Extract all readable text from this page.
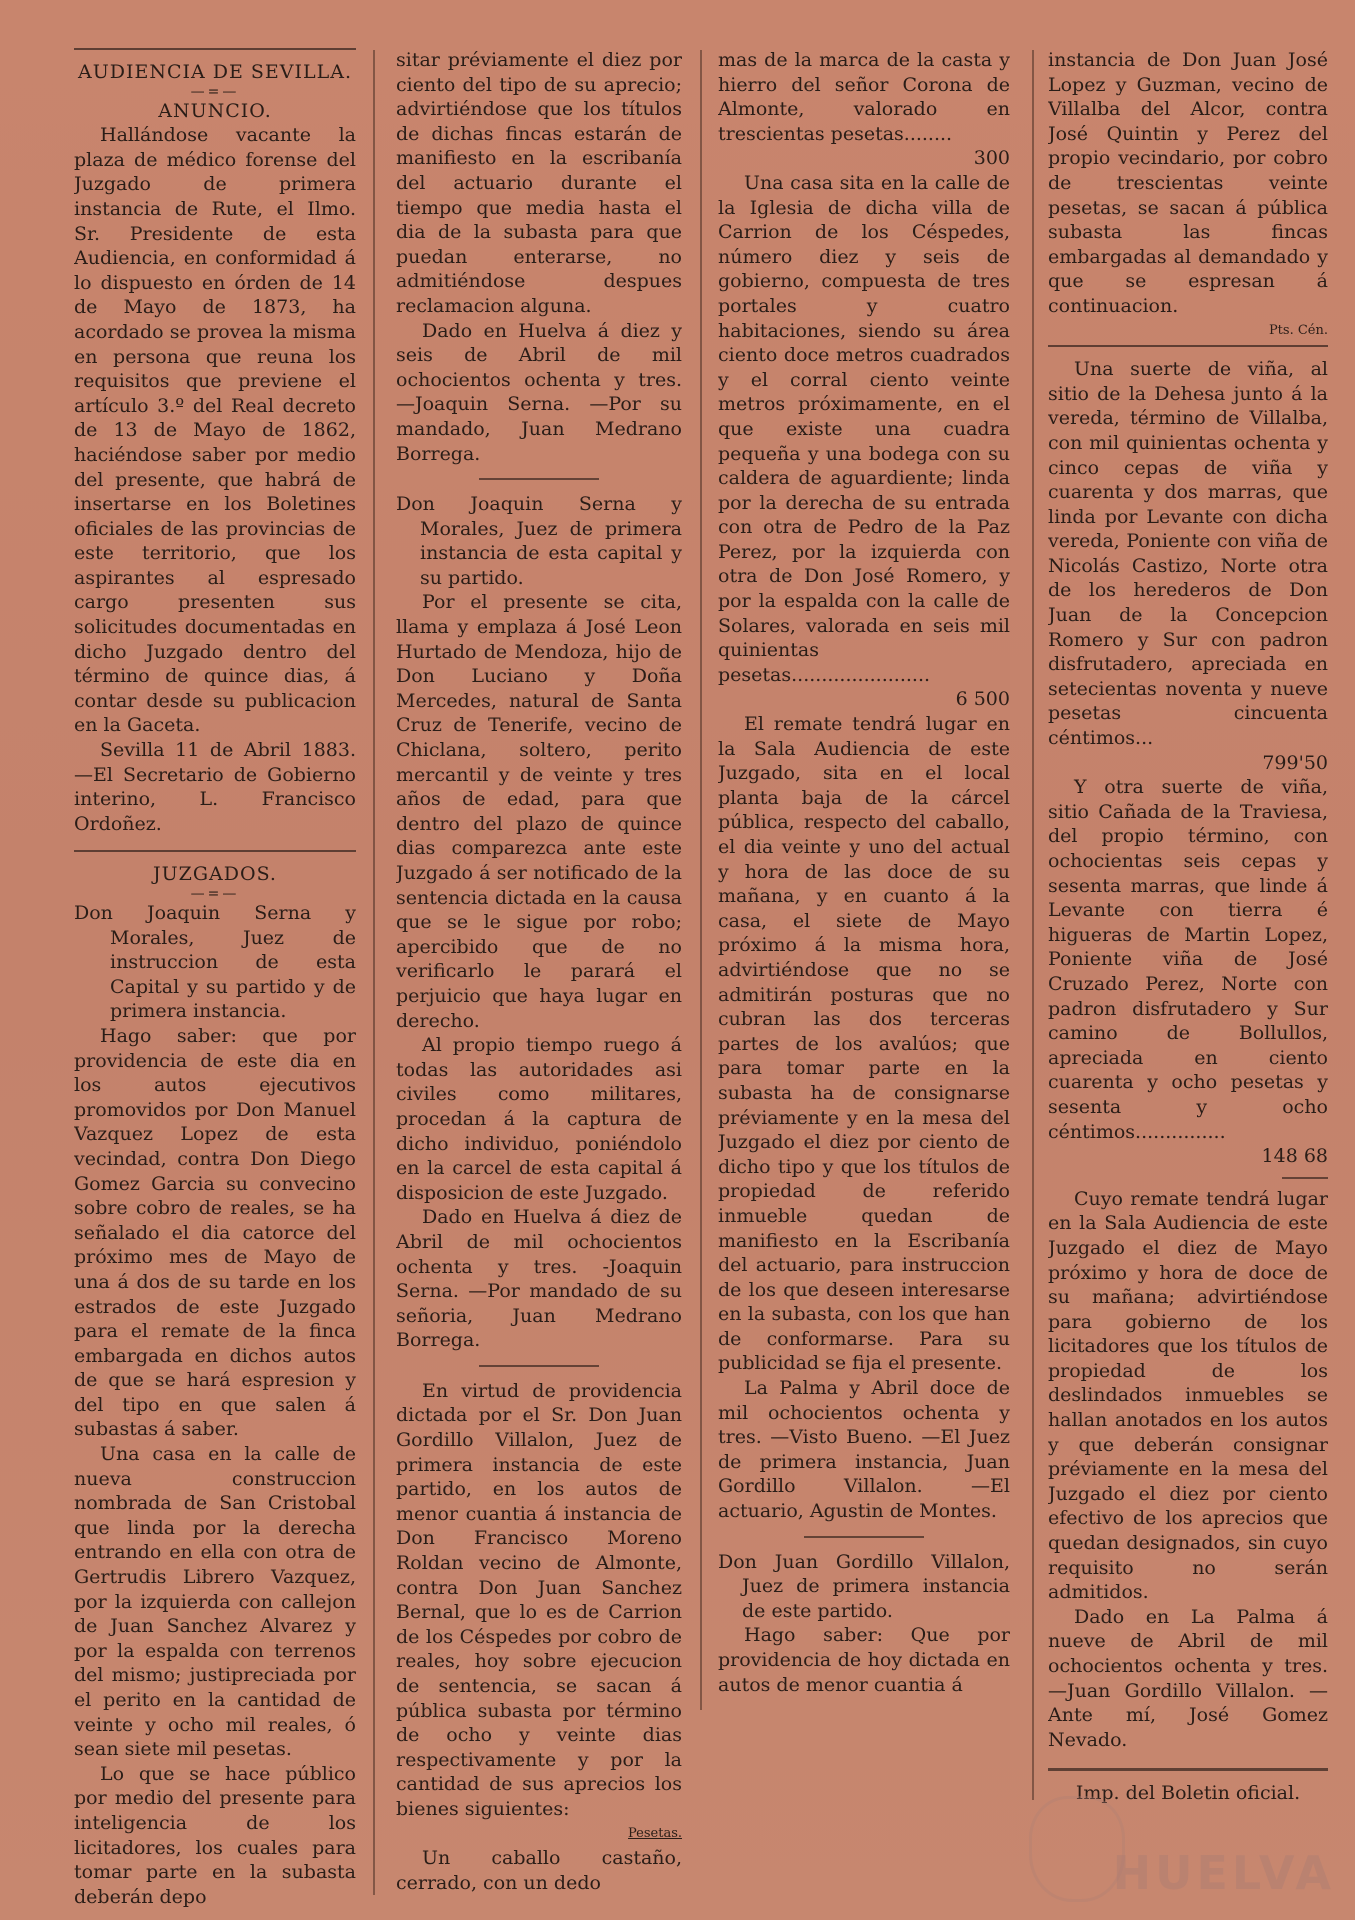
AUDIENCIA DE SEVILLA.

—=—

ANUNCIO.

Hallándose vacante la plaza de médico forense del Juzgado de primera instancia de Rute, el Ilmo. Sr. Presidente de esta Audiencia, en conformidad á lo dispuesto en órden de 14 de Mayo de 1873, ha acordado se provea la misma en persona que reuna los requisitos que previene el artículo 3.º del Real decreto de 13 de Mayo de 1862, haciéndose saber por medio del presente, que habrá de insertarse en los Boletines oficiales de las provincias de este territorio, que los aspirantes al espresado cargo presenten sus solicitudes documentadas en dicho Juzgado dentro del término de quince dias, á contar desde su publicacion en la Gaceta.

Sevilla 11 de Abril 1883. —El Secretario de Gobierno interino, L. Francisco Ordoñez.

JUZGADOS.

—=—

Don Joaquin Serna y Morales, Juez de instruccion de esta Capital y su partido y de primera instancia.

Hago saber: que por providencia de este dia en los autos ejecutivos promovidos por Don Manuel Vazquez Lopez de esta vecindad, contra Don Diego Gomez Garcia su convecino sobre cobro de reales, se ha señalado el dia catorce del próximo mes de Mayo de una á dos de su tarde en los estrados de este Juzgado para el remate de la finca embargada en dichos autos de que se hará espresion y del tipo en que salen á subastas á saber.

Una casa en la calle de nueva construccion nombrada de San Cristobal que linda por la derecha entrando en ella con otra de Gertrudis Librero Vazquez, por la izquierda con callejon de Juan Sanchez Alvarez y por la espalda con terrenos del mismo; justipreciada por el perito en la cantidad de veinte y ocho mil reales, ó sean siete mil pesetas.

Lo que se hace público por medio del presente para inteligencia de los licitadores, los cuales para tomar parte en la subasta deberán depo

sitar préviamente el diez por ciento del tipo de su aprecio; advirtiéndose que los títulos de dichas fincas estarán de manifiesto en la escribanía del actuario durante el tiempo que media hasta el dia de la subasta para que puedan enterarse, no admitiéndose despues reclamacion alguna.

Dado en Huelva á diez y seis de Abril de mil ochocientos ochenta y tres. —Joaquin Serna. —Por su mandado, Juan Medrano Borrega.

Don Joaquin Serna y Morales, Juez de primera instancia de esta capital y su partido.

Por el presente se cita, llama y emplaza á José Leon Hurtado de Mendoza, hijo de Don Luciano y Doña Mercedes, natural de Santa Cruz de Tenerife, vecino de Chiclana, soltero, perito mercantil y de veinte y tres años de edad, para que dentro del plazo de quince dias comparezca ante este Juzgado á ser notificado de la sentencia dictada en la causa que se le sigue por robo; apercibido que de no verificarlo le parará el perjuicio que haya lugar en derecho.

Al propio tiempo ruego á todas las autoridades asi civiles como militares, procedan á la captura de dicho individuo, poniéndolo en la carcel de esta capital á disposicion de este Juzgado.

Dado en Huelva á diez de Abril de mil ochocientos ochenta y tres. -Joaquin Serna. —Por mandado de su señoria, Juan Medrano Borrega.

En virtud de providencia dictada por el Sr. Don Juan Gordillo Villalon, Juez de primera instancia de este partido, en los autos de menor cuantia á instancia de Don Francisco Moreno Roldan vecino de Almonte, contra Don Juan Sanchez Bernal, que lo es de Carrion de los Céspedes por cobro de reales, hoy sobre ejecucion de sentencia, se sacan á pública subasta por término de ocho y veinte dias respectivamente y por la cantidad de sus aprecios los bienes siguientes:

Pesetas.

Un caballo castaño, cerrado, con un dedo

mas de la marca de la casta y hierro del señor Corona de Almonte, valorado en trescientas pesetas........

300

Una casa sita en la calle de la Iglesia de dicha villa de Carrion de los Céspedes, número diez y seis de gobierno, compuesta de tres portales y cuatro habitaciones, siendo su área ciento doce metros cuadrados y el corral ciento veinte metros próximamente, en el que existe una cuadra pequeña y una bodega con su caldera de aguardiente; linda por la derecha de su entrada con otra de Pedro de la Paz Perez, por la izquierda con otra de Don José Romero, y por la espalda con la calle de Solares, valorada en seis mil quinientas pesetas.......................

6 500

El remate tendrá lugar en la Sala Audiencia de este Juzgado, sita en el local planta baja de la cárcel pública, respecto del caballo, el dia veinte y uno del actual y hora de las doce de su mañana, y en cuanto á la casa, el siete de Mayo próximo á la misma hora, advirtiéndose que no se admitirán posturas que no cubran las dos terceras partes de los avalúos; que para tomar parte en la subasta ha de consignarse préviamente y en la mesa del Juzgado el diez por ciento de dicho tipo y que los títulos de propiedad de referido inmueble quedan de manifiesto en la Escribanía del actuario, para instruccion de los que deseen interesarse en la subasta, con los que han de conformarse. Para su publicidad se fija el presente.

La Palma y Abril doce de mil ochocientos ochenta y tres. —Visto Bueno. —El Juez de primera instancia, Juan Gordillo Villalon. —El actuario, Agustin de Montes.

Don Juan Gordillo Villalon, Juez de primera instancia de este partido.

Hago saber: Que por providencia de hoy dictada en autos de menor cuantia á

instancia de Don Juan José Lopez y Guzman, vecino de Villalba del Alcor, contra José Quintin y Perez del propio vecindario, por cobro de trescientas veinte pesetas, se sacan á pública subasta las fincas embargadas al demandado y que se espresan á continuacion.

Pts. Cén.

Una suerte de viña, al sitio de la Dehesa junto á la vereda, término de Villalba, con mil quinientas ochenta y cinco cepas de viña y cuarenta y dos marras, que linda por Levante con dicha vereda, Poniente con viña de Nicolás Castizo, Norte otra de los herederos de Don Juan de la Concepcion Romero y Sur con padron disfrutadero, apreciada en setecientas noventa y nueve pesetas cincuenta céntimos...

799'50

Y otra suerte de viña, sitio Cañada de la Traviesa, del propio término, con ochocientas seis cepas y sesenta marras, que linde á Levante con tierra é higueras de Martin Lopez, Poniente viña de José Cruzado Perez, Norte con padron disfrutadero y Sur camino de Bollullos, apreciada en ciento cuarenta y ocho pesetas y sesenta y ocho céntimos...............

148 68

Cuyo remate tendrá lugar en la Sala Audiencia de este Juzgado el diez de Mayo próximo y hora de doce de su mañana; advirtiéndose para gobierno de los licitadores que los títulos de propiedad de los deslindados inmuebles se hallan anotados en los autos y que deberán consignar préviamente en la mesa del Juzgado el diez por ciento efectivo de los aprecios que quedan designados, sin cuyo requisito no serán admitidos.

Dado en La Palma á nueve de Abril de mil ochocientos ochenta y tres. —Juan Gordillo Villalon. —Ante mí, José Gomez Nevado.

Imp. del Boletin oficial.

HUELVA
